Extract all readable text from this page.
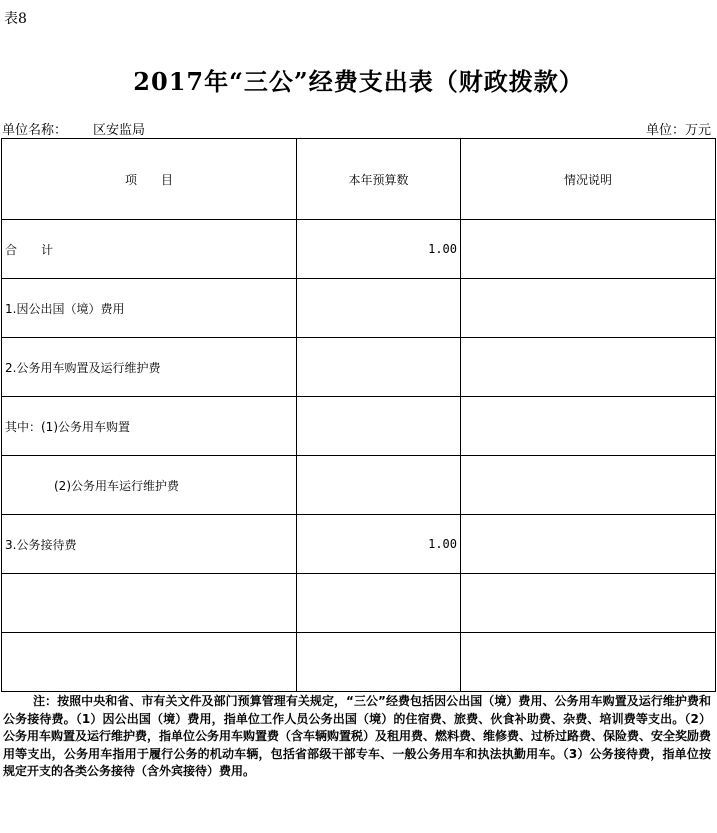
表8
2017年“三公”经费支出表（财政拨款）
单位名称： 区安监局	单位：万元
项　　目	本年预算数	情况说明
合　　计	1.00	
1.因公出国（境）费用		
2.公务用车购置及运行维护费		
其中：(1)公务用车购置		
(2)公务用车运行维护费		
3.公务接待费	1.00	

注：按照中央和省、市有关文件及部门预算管理有关规定，“三公”经费包括因公出国（境）费用、公务用车购置及运行维护费和公务接待费。（1）因公出国（境）费用，指单位工作人员公务出国（境）的住宿费、旅费、伙食补助费、杂费、培训费等支出。（2）公务用车购置及运行维护费，指单位公务用车购置费（含车辆购置税）及租用费、燃料费、维修费、过桥过路费、保险费、安全奖励费用等支出，公务用车指用于履行公务的机动车辆，包括省部级干部专车、一般公务用车和执法执勤用车。（3）公务接待费，指单位按规定开支的各类公务接待（含外宾接待）费用。
